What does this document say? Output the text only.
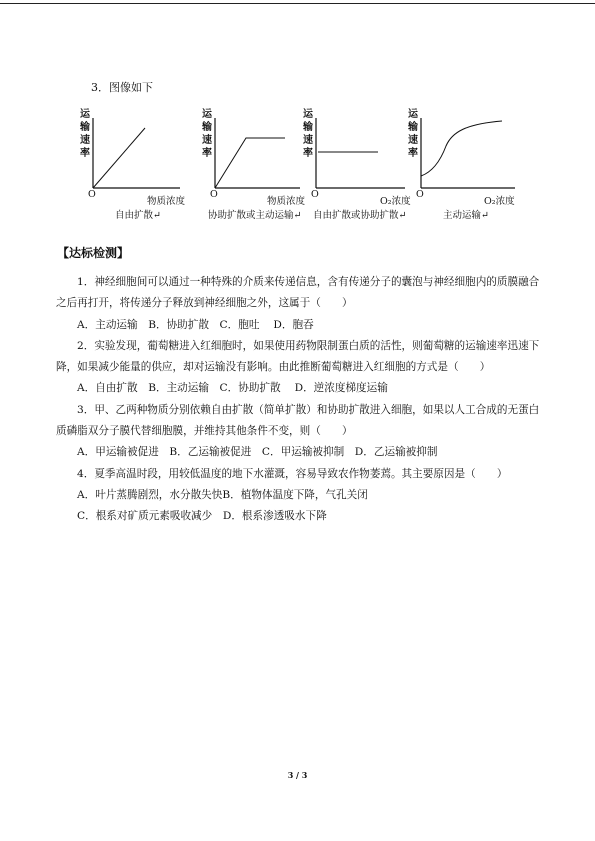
3．图像如下
运
输
速
率
O
物质浓度
自由扩散↵
运
输
速
率
O
物质浓度
协助扩散或主动运输↵
运
输
速
率
O
O₂浓度
自由扩散或协助扩散↵
运
输
速
率
O
O₂浓度
主动运输↵
【达标检测】

1．神经细胞间可以通过一种特殊的介质来传递信息，含有传递分子的囊泡与神经细胞内的质膜融合之后再打开，将传递分子释放到神经细胞之外，这属于（　　）

A．主动运输　B．协助扩散　C．胞吐　 D．胞吞

2．实验发现，葡萄糖进入红细胞时，如果使用药物限制蛋白质的活性，则葡萄糖的运输速率迅速下降，如果减少能量的供应，却对运输没有影响。由此推断葡萄糖进入红细胞的方式是（　　）

A．自由扩散　B．主动运输　C．协助扩散　 D．逆浓度梯度运输

3．甲、乙两种物质分别依赖自由扩散（简单扩散）和协助扩散进入细胞，如果以人工合成的无蛋白质磷脂双分子膜代替细胞膜，并维持其他条件不变，则（　　）

A．甲运输被促进　B．乙运输被促进　C．甲运输被抑制　D．乙运输被抑制

4．夏季高温时段，用较低温度的地下水灌溉，容易导致农作物萎蔫。其主要原因是（　　）

A．叶片蒸腾剧烈，水分散失快B．植物体温度下降，气孔关闭

C．根系对矿质元素吸收减少　D．根系渗透吸水下降

3 / 3
